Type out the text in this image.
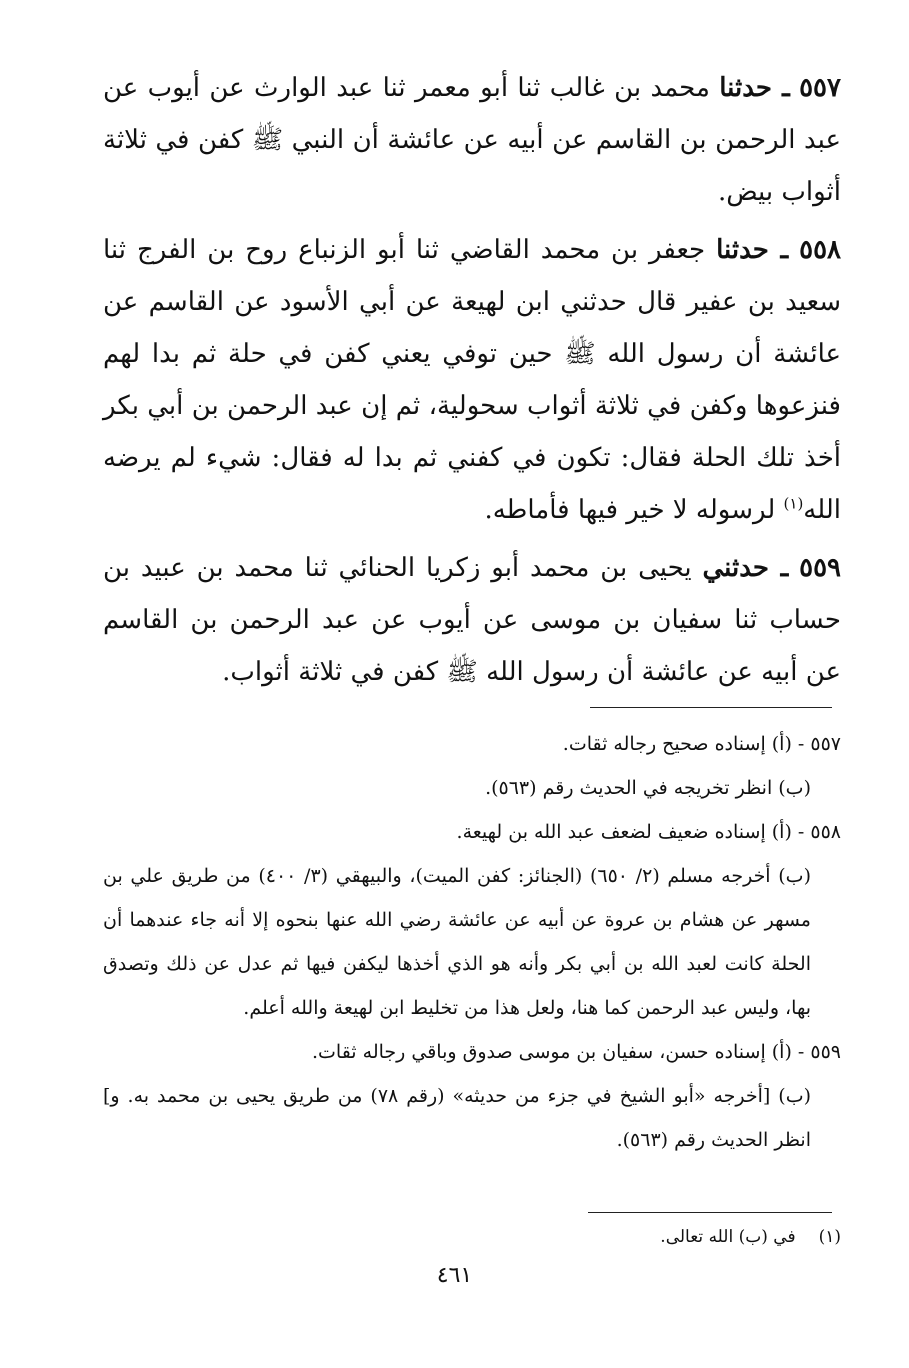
٥٥٧ ـ حدثنا محمد بن غالب ثنا أبو معمر ثنا عبد الوارث عن أيوب عن عبد الرحمن بن القاسم عن أبيه عن عائشة أن النبي ﷺ كفن في ثلاثة أثواب بيض.

٥٥٨ ـ حدثنا جعفر بن محمد القاضي ثنا أبو الزنباع روح بن الفرج ثنا سعيد بن عفير قال حدثني ابن لهيعة عن أبي الأسود عن القاسم عن عائشة أن رسول الله ﷺ حين توفي يعني كفن في حلة ثم بدا لهم فنزعوها وكفن في ثلاثة أثواب سحولية، ثم إن عبد الرحمن بن أبي بكر أخذ تلك الحلة فقال: تكون في كفني ثم بدا له فقال: شيء لم يرضه الله$^{(١)}$ لرسوله لا خير فيها فأماطه.

٥٥٩ ـ حدثني يحيى بن محمد أبو زكريا الحنائي ثنا محمد بن عبيد بن حساب ثنا سفيان بن موسى عن أيوب عن عبد الرحمن بن القاسم عن أبيه عن عائشة أن رسول الله ﷺ كفن في ثلاثة أثواب.

٥٥٧ - (أ) إسناده صحيح رجاله ثقات.

(ب) انظر تخريجه في الحديث رقم (٥٦٣).

٥٥٨ - (أ) إسناده ضعيف لضعف عبد الله بن لهيعة.

(ب) أخرجه مسلم (٢/ ٦٥٠) (الجنائز: كفن الميت)، والبيهقي (٣/ ٤٠٠) من طريق علي بن مسهر عن هشام بن عروة عن أبيه عن عائشة رضي الله عنها بنحوه إلا أنه جاء عندهما أن الحلة كانت لعبد الله بن أبي بكر وأنه هو الذي أخذها ليكفن فيها ثم عدل عن ذلك وتصدق بها، وليس عبد الرحمن كما هنا، ولعل هذا من تخليط ابن لهيعة والله أعلم.

٥٥٩ - (أ) إسناده حسن، سفيان بن موسى صدوق وباقي رجاله ثقات.

(ب) [أخرجه «أبو الشيخ في جزء من حديثه» (رقم ٧٨) من طريق يحيى بن محمد به. و] انظر الحديث رقم (٥٦٣).

(١) في (ب) الله تعالى.
٤٦١
